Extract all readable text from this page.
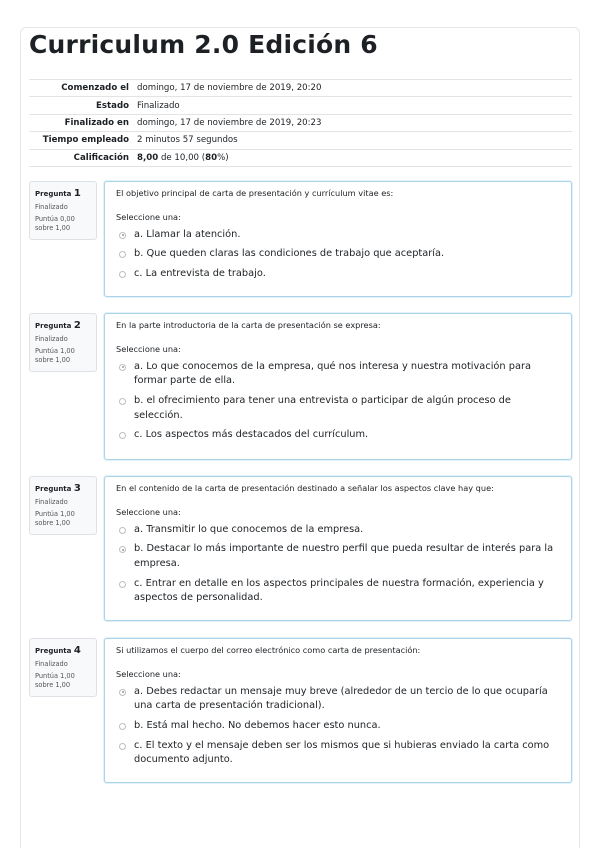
Curriculum 2.0 Edición 6
Comenzado el	domingo, 17 de noviembre de 2019, 20:20
Estado	Finalizado
Finalizado en	domingo, 17 de noviembre de 2019, 20:23
Tiempo empleado	2 minutos 57 segundos
Calificación	8,00 de 10,00 (80%)
Pregunta 1
Finalizado
Puntúa 0,00
sobre 1,00
El objetivo principal de carta de presentación y currículum vitae es:
Seleccione una:
a. Llamar la atención.
b. Que queden claras las condiciones de trabajo que aceptaría.
c. La entrevista de trabajo.
Pregunta 2
Finalizado
Puntúa 1,00
sobre 1,00
En la parte introductoria de la carta de presentación se expresa:
Seleccione una:
a. Lo que conocemos de la empresa, qué nos interesa y nuestra motivación para formar parte de ella.
b. el ofrecimiento para tener una entrevista o participar de algún proceso de selección.
c. Los aspectos más destacados del currículum.
Pregunta 3
Finalizado
Puntúa 1,00
sobre 1,00
En el contenido de la carta de presentación destinado a señalar los aspectos clave hay que:
Seleccione una:
a. Transmitir lo que conocemos de la empresa.
b. Destacar lo más importante de nuestro perfil que pueda resultar de interés para la empresa.
c. Entrar en detalle en los aspectos principales de nuestra formación, experiencia y aspectos de personalidad.
Pregunta 4
Finalizado
Puntúa 1,00
sobre 1,00
Si utilizamos el cuerpo del correo electrónico como carta de presentación:
Seleccione una:
a. Debes redactar un mensaje muy breve (alrededor de un tercio de lo que ocuparía una carta de presentación tradicional).
b. Está mal hecho. No debemos hacer esto nunca.
c. El texto y el mensaje deben ser los mismos que si hubieras enviado la carta como documento adjunto.
